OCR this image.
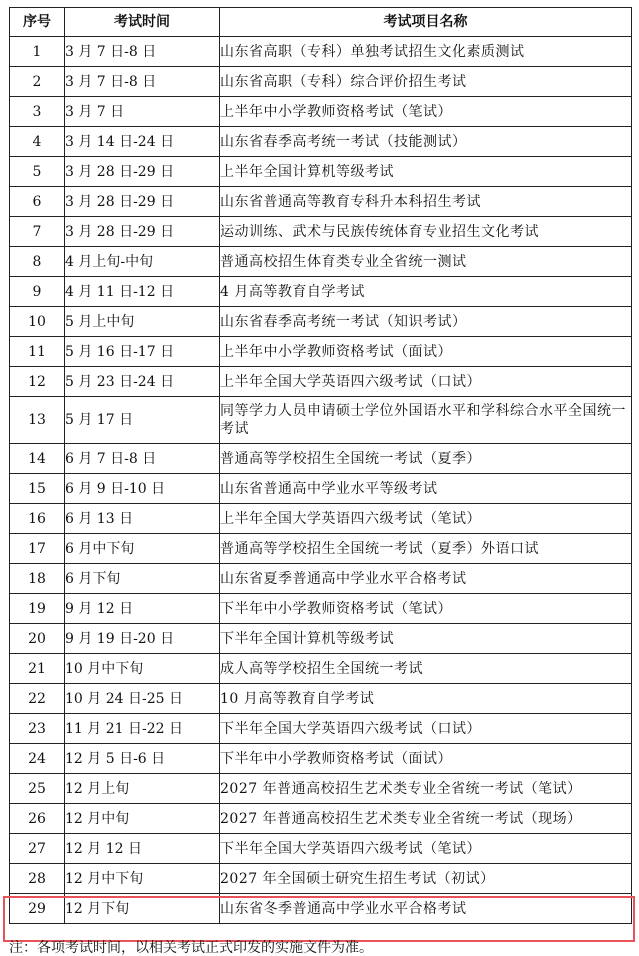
序号	考试时间	考试项目名称
1	3 月 7 日-8 日	山东省高职（专科）单独考试招生文化素质测试
2	3 月 7 日-8 日	山东省高职（专科）综合评价招生考试
3	3 月 7 日	上半年中小学教师资格考试（笔试）
4	3 月 14 日-24 日	山东省春季高考统一考试（技能测试）
5	3 月 28 日-29 日	上半年全国计算机等级考试
6	3 月 28 日-29 日	山东省普通高等教育专科升本科招生考试
7	3 月 28 日-29 日	运动训练、武术与民族传统体育专业招生文化考试
8	4 月上旬-中旬	普通高校招生体育类专业全省统一测试
9	4 月 11 日-12 日	4 月高等教育自学考试
10	5 月上中旬	山东省春季高考统一考试（知识考试）
11	5 月 16 日-17 日	上半年中小学教师资格考试（面试）
12	5 月 23 日-24 日	上半年全国大学英语四六级考试（口试）
13	5 月 17 日	同等学力人员申请硕士学位外国语水平和学科综合水平全国统一考试
14	6 月 7 日-8 日	普通高等学校招生全国统一考试（夏季）
15	6 月 9 日-10 日	山东省普通高中学业水平等级考试
16	6 月 13 日	上半年全国大学英语四六级考试（笔试）
17	6 月中下旬	普通高等学校招生全国统一考试（夏季）外语口试
18	6 月下旬	山东省夏季普通高中学业水平合格考试
19	9 月 12 日	下半年中小学教师资格考试（笔试）
20	9 月 19 日-20 日	下半年全国计算机等级考试
21	10 月中下旬	成人高等学校招生全国统一考试
22	10 月 24 日-25 日	10 月高等教育自学考试
23	11 月 21 日-22 日	下半年全国大学英语四六级考试（口试）
24	12 月 5 日-6 日	下半年中小学教师资格考试（面试）
25	12 月上旬	2027 年普通高校招生艺术类专业全省统一考试（笔试）
26	12 月中旬	2027 年普通高校招生艺术类专业全省统一考试（现场）
27	12 月 12 日	下半年全国大学英语四六级考试（笔试）
28	12 月中下旬	2027 年全国硕士研究生招生考试（初试）
29	12 月下旬	山东省冬季普通高中学业水平合格考试
注：各项考试时间，以相关考试正式印发的实施文件为准。
